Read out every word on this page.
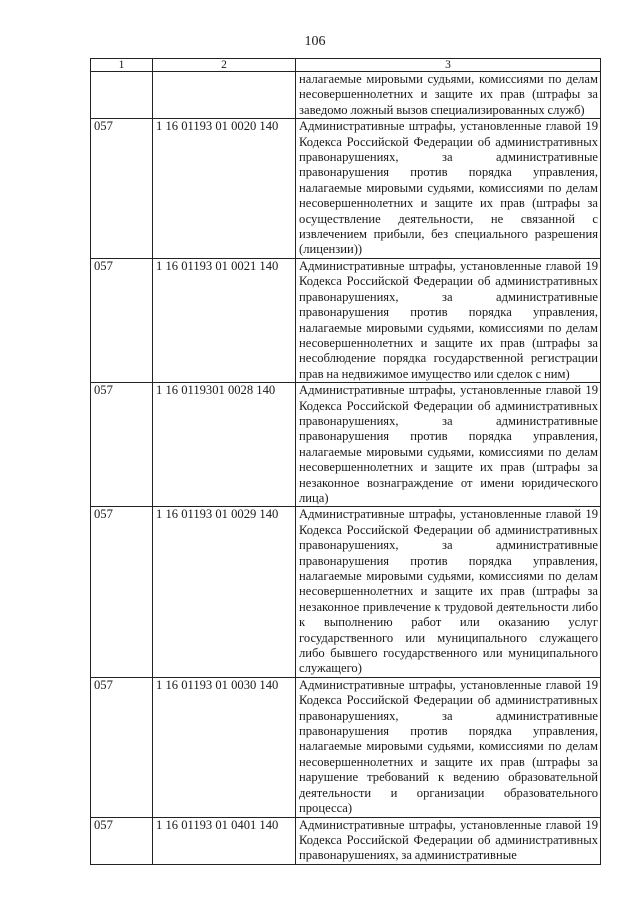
106
1	2	3

		налагаемые мировыми судьями, комиссиями по делам несовершеннолетних и защите их прав (штрафы за заведомо ложный вызов специализированных служб)

057	1 16 01193 01 0020 140	Административные штрафы, установленные главой 19 Кодекса Российской Федерации об административных правонарушениях, за административные правонарушения против порядка управления, налагаемые мировыми судьями, комиссиями по делам несовершеннолетних и защите их прав (штрафы за осуществление деятельности, не связанной с извлечением прибыли, без специального разрешения (лицензии))

057	1 16 01193 01 0021 140	Административные штрафы, установленные главой 19 Кодекса Российской Федерации об административных правонарушениях, за административные правонарушения против порядка управления, налагаемые мировыми судьями, комиссиями по делам несовершеннолетних и защите их прав (штрафы за несоблюдение порядка государственной регистрации прав на недвижимое имущество или сделок с ним)

057	1 16 0119301 0028 140	Административные штрафы, установленные главой 19 Кодекса Российской Федерации об административных правонарушениях, за административные правонарушения против порядка управления, налагаемые мировыми судьями, комиссиями по делам несовершеннолетних и защите их прав (штрафы за незаконное вознаграждение от имени юридического лица)

057	1 16 01193 01 0029 140	Административные штрафы, установленные главой 19 Кодекса Российской Федерации об административных правонарушениях, за административные правонарушения против порядка управления, налагаемые мировыми судьями, комиссиями по делам несовершеннолетних и защите их прав (штрафы за незаконное привлечение к трудовой деятельности либо к выполнению работ или оказанию услуг государственного или муниципального служащего либо бывшего государственного или муниципального служащего)

057	1 16 01193 01 0030 140	Административные штрафы, установленные главой 19 Кодекса Российской Федерации об административных правонарушениях, за административные правонарушения против порядка управления, налагаемые мировыми судьями, комиссиями по делам несовершеннолетних и защите их прав (штрафы за нарушение требований к ведению образовательной деятельности и организации образовательного процесса)

057	1 16 01193 01 0401 140	Административные штрафы, установленные главой 19 Кодекса Российской Федерации об административных правонарушениях, за административные
